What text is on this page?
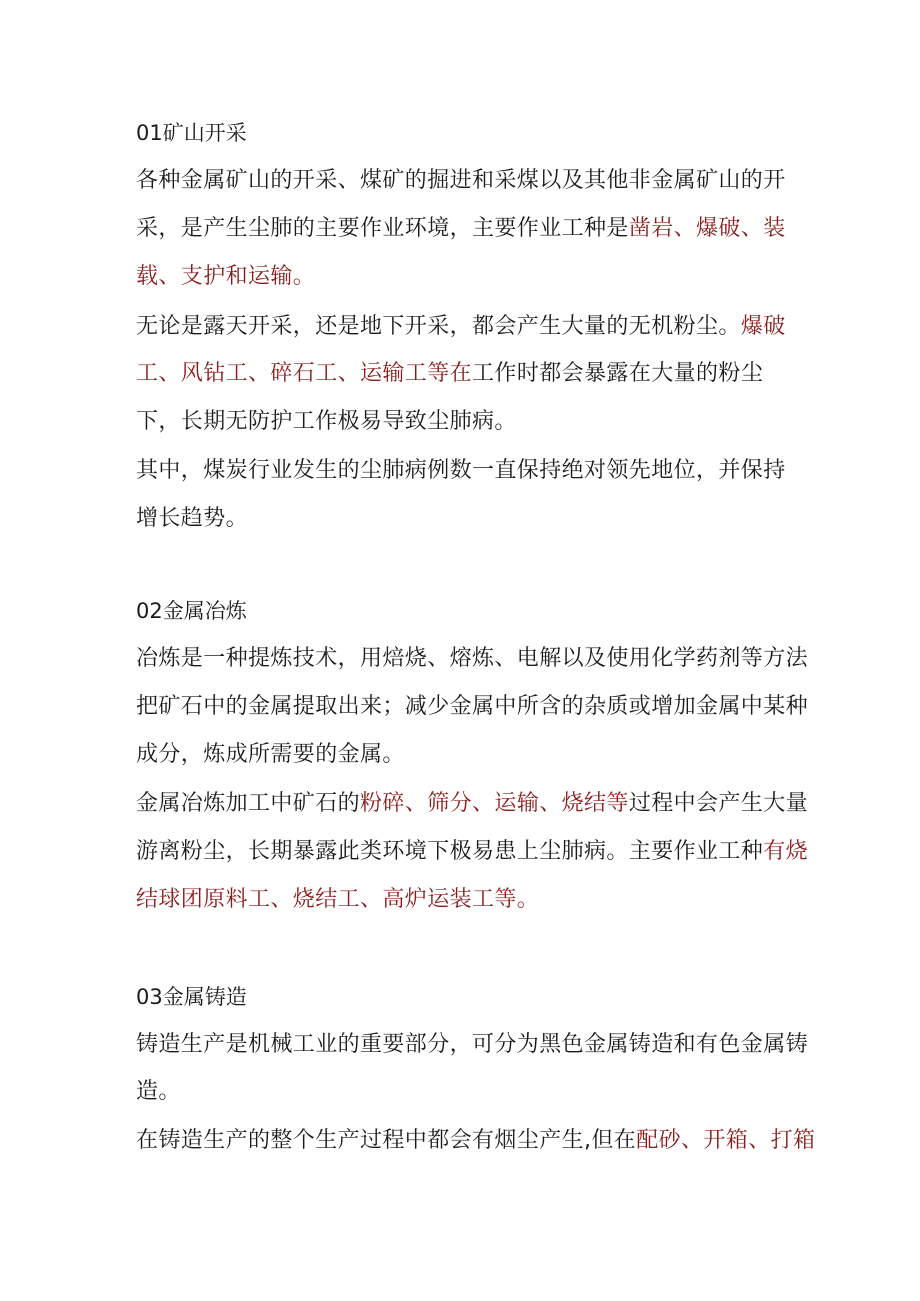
01矿山开采
各种金属矿山的开采、煤矿的掘进和采煤以及其他非金属矿山的开
采，是产生尘肺的主要作业环境，主要作业工种是凿岩、爆破、装
载、支护和运输。
无论是露天开采，还是地下开采，都会产生大量的无机粉尘。爆破
工、风钻工、碎石工、运输工等在工作时都会暴露在大量的粉尘
下，长期无防护工作极易导致尘肺病。
其中，煤炭行业发生的尘肺病例数一直保持绝对领先地位，并保持
增长趋势。
02金属冶炼
冶炼是一种提炼技术，用焙烧、熔炼、电解以及使用化学药剂等方法
把矿石中的金属提取出来；减少金属中所含的杂质或增加金属中某种
成分，炼成所需要的金属。
金属冶炼加工中矿石的粉碎、筛分、运输、烧结等过程中会产生大量
游离粉尘，长期暴露此类环境下极易患上尘肺病。主要作业工种有烧
结球团原料工、烧结工、高炉运装工等。
03金属铸造
铸造生产是机械工业的重要部分，可分为黑色金属铸造和有色金属铸
造。
在铸造生产的整个生产过程中都会有烟尘产生,但在配砂、开箱、打箱
